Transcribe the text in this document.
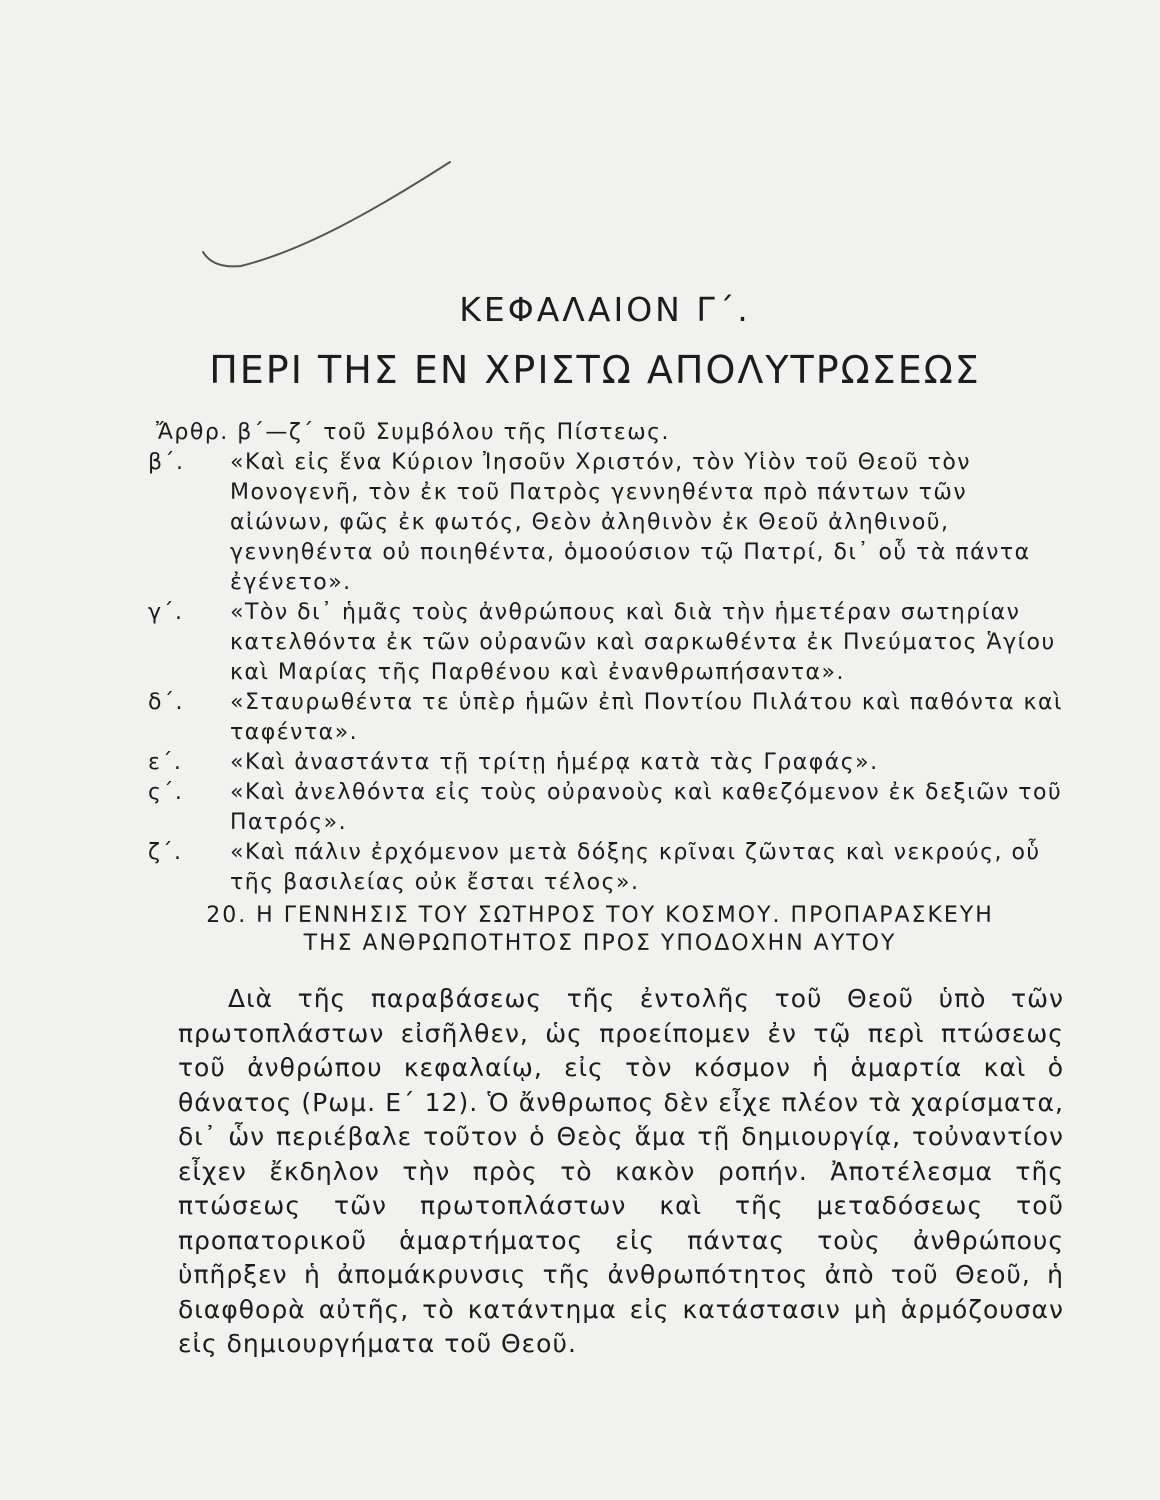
ΚΕΦΑΛΑΙΟΝ Γ΄.
ΠΕΡΙ ΤΗΣ ΕΝ ΧΡΙΣΤΩ ΑΠΟΛΥΤΡΩΣΕΩΣ
Ἄρθρ. β΄—ζ΄ τοῦ Συμβόλου τῆς Πίστεως.
β΄. «Καὶ εἰς ἕνα Κύριον Ἰησοῦν Χριστόν, τὸν Υἱὸν τοῦ Θεοῦ τὸν Μονογενῆ, τὸν ἐκ τοῦ Πατρὸς γεννηθέντα πρὸ πάντων τῶν αἰώνων, φῶς ἐκ φωτός, Θεὸν ἀληθινὸν ἐκ Θεοῦ ἀληθινοῦ, γεννηθέντα οὐ ποιηθέντα, ὁμοούσιον τῷ Πατρί, δι᾿ οὗ τὰ πάντα ἐγένετο».
γ΄. «Τὸν δι᾿ ἡμᾶς τοὺς ἀνθρώπους καὶ διὰ τὴν ἡμετέραν σωτηρίαν κατελθόντα ἐκ τῶν οὐρανῶν καὶ σαρκωθέντα ἐκ Πνεύματος Ἁγίου καὶ Μαρίας τῆς Παρθένου καὶ ἐνανθρωπήσαντα».
δ΄. «Σταυρωθέντα τε ὑπὲρ ἡμῶν ἐπὶ Ποντίου Πιλάτου καὶ παθόντα καὶ ταφέντα».
ε΄. «Καὶ ἀναστάντα τῇ τρίτῃ ἡμέρᾳ κατὰ τὰς Γραφάς».
ς΄. «Καὶ ἀνελθόντα εἰς τοὺς οὐρανοὺς καὶ καθεζόμενον ἐκ δεξιῶν τοῦ Πατρός».
ζ΄. «Καὶ πάλιν ἐρχόμενον μετὰ δόξης κρῖναι ζῶντας καὶ νεκρούς, οὗ τῆς βασιλείας οὐκ ἔσται τέλος».
20. Η ΓΕΝΝΗΣΙΣ ΤΟΥ ΣΩΤΗΡΟΣ ΤΟΥ ΚΟΣΜΟΥ. ΠΡΟΠΑΡΑΣΚΕΥΗ
ΤΗΣ ΑΝΘΡΩΠΟΤΗΤΟΣ ΠΡΟΣ ΥΠΟΔΟΧΗΝ ΑΥΤΟΥ

Διὰ τῆς παραβάσεως τῆς ἐντολῆς τοῦ Θεοῦ ὑπὸ τῶν πρωτοπλάστων εἰσῆλθεν, ὡς προείπομεν ἐν τῷ περὶ πτώσεως τοῦ ἀνθρώπου κεφαλαίῳ, εἰς τὸν κόσμον ἡ ἁμαρτία καὶ ὁ θάνατος (Ρωμ. Ε΄ 12). Ὁ ἄνθρωπος δὲν εἶχε πλέον τὰ χαρίσματα, δι᾿ ὧν περιέβαλε τοῦτον ὁ Θεὸς ἅμα τῇ δημιουργίᾳ, τοὐναντίον εἶχεν ἔκδηλον τὴν πρὸς τὸ κακὸν ροπήν. Ἀποτέλεσμα τῆς πτώσεως τῶν πρωτοπλάστων καὶ τῆς μεταδόσεως τοῦ προπατορικοῦ ἁμαρτήματος εἰς πάντας τοὺς ἀνθρώπους ὑπῆρξεν ἡ ἀπομάκρυνσις τῆς ἀνθρωπότητος ἀπὸ τοῦ Θεοῦ, ἡ διαφθορὰ αὐτῆς, τὸ κατάντημα εἰς κατάστασιν μὴ ἁρμόζουσαν εἰς δημιουργήματα τοῦ Θεοῦ.
